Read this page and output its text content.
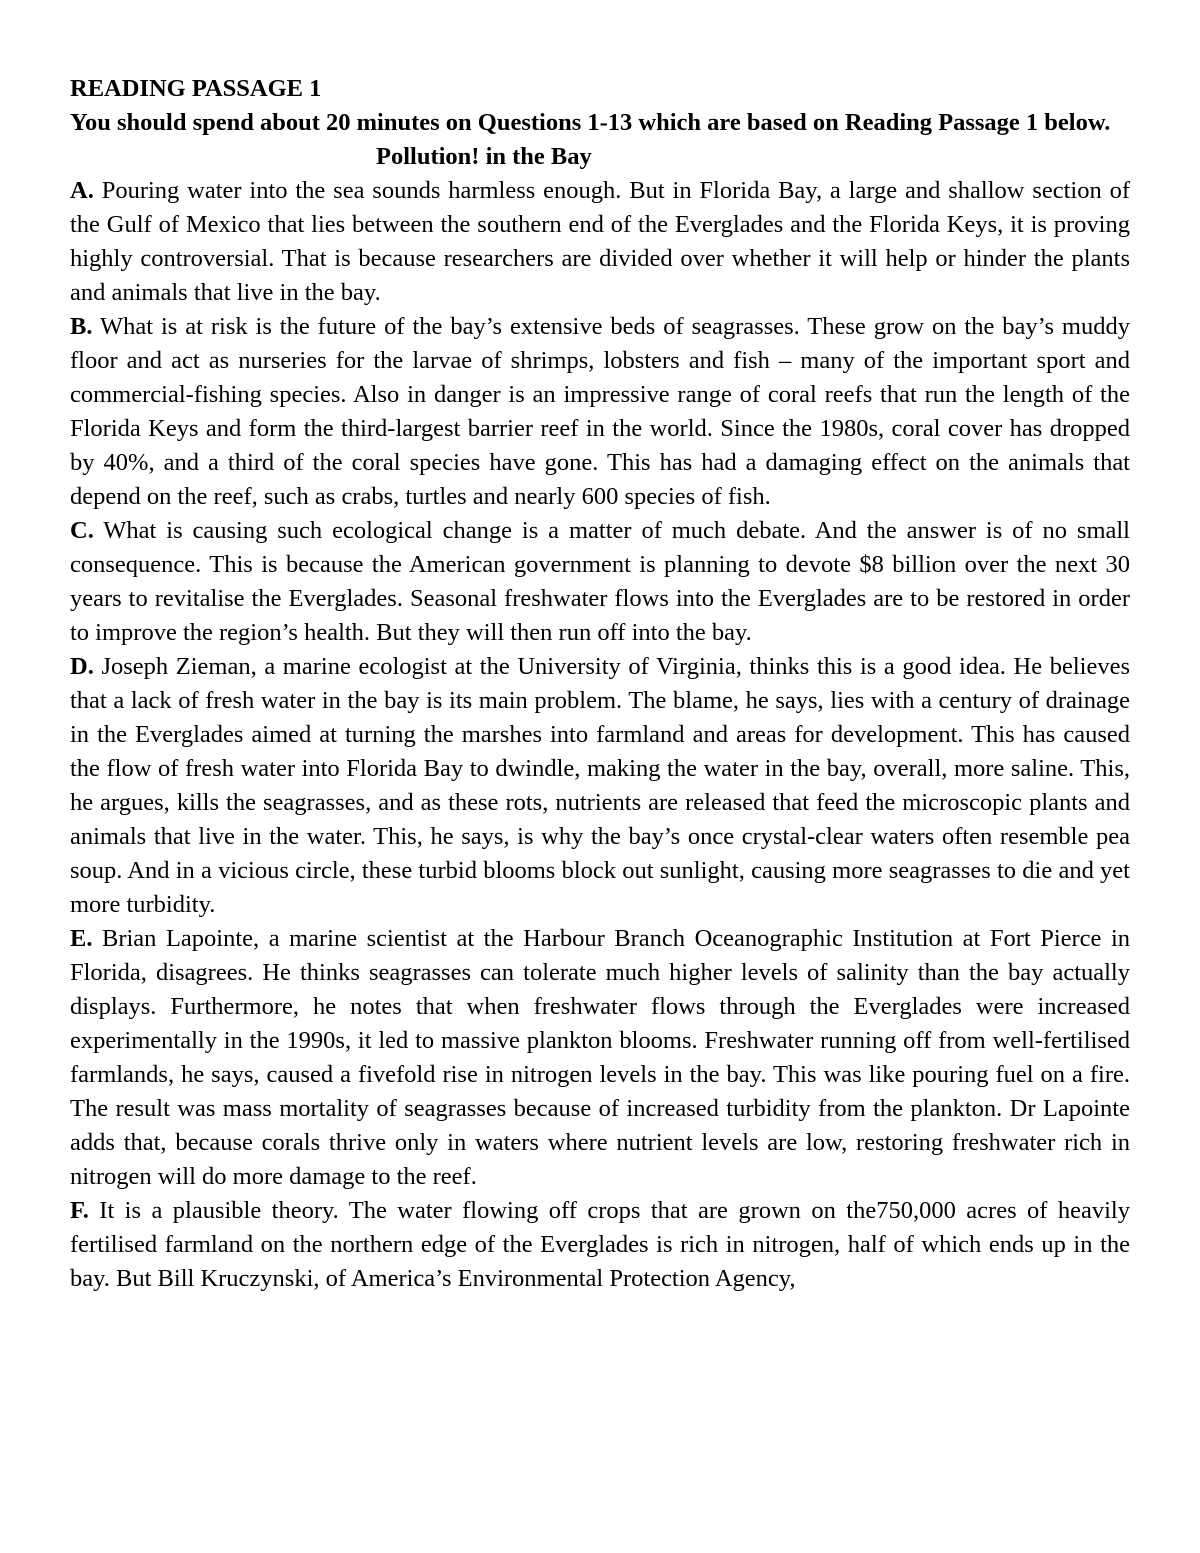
READING PASSAGE 1

You should spend about 20 minutes on Questions 1-13 which are based on Reading Passage 1 below.

Pollution! in the Bay

A. Pouring water into the sea sounds harmless enough. But in Florida Bay, a large and shallow section of the Gulf of Mexico that lies between the southern end of the Everglades and the Florida Keys, it is proving highly controversial. That is because researchers are divided over whether it will help or hinder the plants and animals that live in the bay.

B. What is at risk is the future of the bay’s extensive beds of seagrasses. These grow on the bay’s muddy floor and act as nurseries for the larvae of shrimps, lobsters and fish – many of the important sport and commercial-fishing species. Also in danger is an impressive range of coral reefs that run the length of the Florida Keys and form the third-largest barrier reef in the world. Since the 1980s, coral cover has dropped by 40%, and a third of the coral species have gone. This has had a damaging effect on the animals that depend on the reef, such as crabs, turtles and nearly 600 species of fish.

C. What is causing such ecological change is a matter of much debate. And the answer is of no small consequence. This is because the American government is planning to devote $8 billion over the next 30 years to revitalise the Everglades. Seasonal freshwater flows into the Everglades are to be restored in order to improve the region’s health. But they will then run off into the bay.

D. Joseph Zieman, a marine ecologist at the University of Virginia, thinks this is a good idea. He believes that a lack of fresh water in the bay is its main problem. The blame, he says, lies with a century of drainage in the Everglades aimed at turning the marshes into farmland and areas for development. This has caused the flow of fresh water into Florida Bay to dwindle, making the water in the bay, overall, more saline. This, he argues, kills the seagrasses, and as these rots, nutrients are released that feed the microscopic plants and animals that live in the water. This, he says, is why the bay’s once crystal-clear waters often resemble pea soup. And in a vicious circle, these turbid blooms block out sunlight, causing more seagrasses to die and yet more turbidity.

E. Brian Lapointe, a marine scientist at the Harbour Branch Oceanographic Institution at Fort Pierce in Florida, disagrees. He thinks seagrasses can tolerate much higher levels of salinity than the bay actually displays. Furthermore, he notes that when freshwater flows through the Everglades were increased experimentally in the 1990s, it led to massive plankton blooms. Freshwater running off from well-fertilised farmlands, he says, caused a fivefold rise in nitrogen levels in the bay. This was like pouring fuel on a fire. The result was mass mortality of seagrasses because of increased turbidity from the plankton. Dr Lapointe adds that, because corals thrive only in waters where nutrient levels are low, restoring freshwater rich in nitrogen will do more damage to the reef.

F. It is a plausible theory. The water flowing off crops that are grown on the750,000 acres of heavily fertilised farmland on the northern edge of the Everglades is rich in nitrogen, half of which ends up in the bay. But Bill Kruczynski, of America’s Environmental Protection Agency,
